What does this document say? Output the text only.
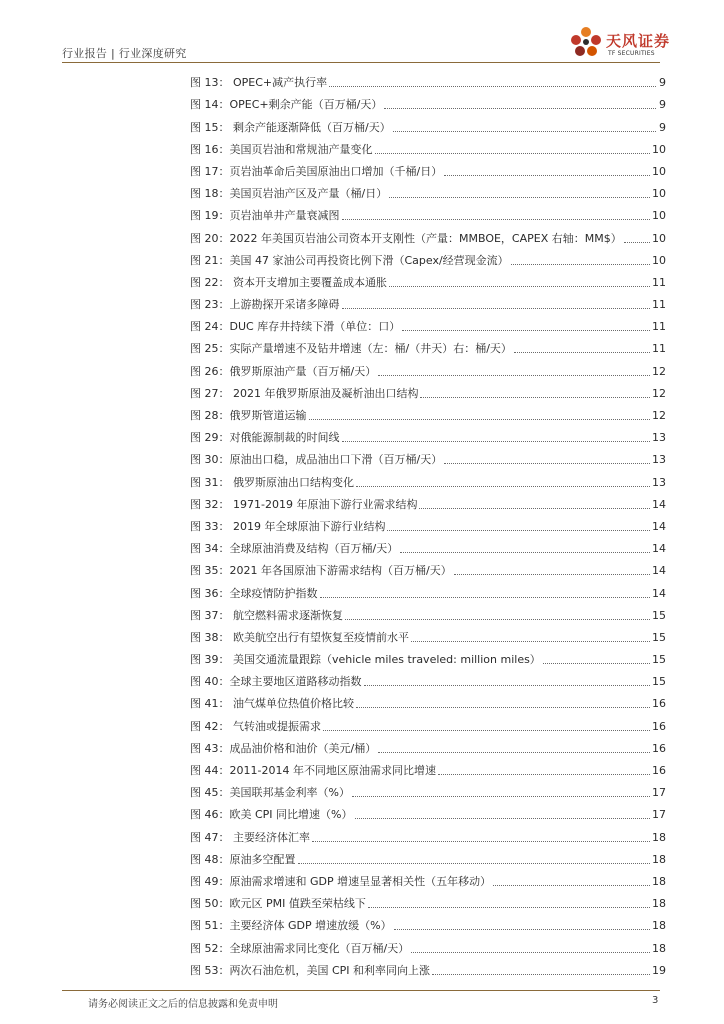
行业报告 | 行业深度研究
天风证券
TF SECURITIES
图 13： OPEC+减产执行率	9
图 14：OPEC+剩余产能（百万桶/天）	9
图 15： 剩余产能逐渐降低（百万桶/天）	9
图 16：美国页岩油和常规油产量变化	10
图 17：页岩油革命后美国原油出口增加（千桶/日）	10
图 18：美国页岩油产区及产量（桶/日）	10
图 19：页岩油单井产量衰减图	10
图 20：2022 年美国页岩油公司资本开支刚性（产量：MMBOE，CAPEX 右轴：MM$）	10
图 21：美国 47 家油公司再投资比例下滑（Capex/经营现金流）	10
图 22： 资本开支增加主要覆盖成本通胀	11
图 23：上游勘探开采诸多障碍	11
图 24：DUC 库存井持续下滑（单位：口）	11
图 25：实际产量增速不及钻井增速（左：桶/（井天）右：桶/天）	11
图 26：俄罗斯原油产量（百万桶/天）	12
图 27： 2021 年俄罗斯原油及凝析油出口结构	12
图 28：俄罗斯管道运输	12
图 29：对俄能源制裁的时间线	13
图 30：原油出口稳，成品油出口下滑（百万桶/天）	13
图 31： 俄罗斯原油出口结构变化	13
图 32： 1971-2019 年原油下游行业需求结构	14
图 33： 2019 年全球原油下游行业结构	14
图 34：全球原油消费及结构（百万桶/天）	14
图 35：2021 年各国原油下游需求结构（百万桶/天）	14
图 36：全球疫情防护指数	14
图 37： 航空燃料需求逐渐恢复	15
图 38： 欧美航空出行有望恢复至疫情前水平	15
图 39： 美国交通流量跟踪（vehicle miles traveled: million miles）	15
图 40：全球主要地区道路移动指数	15
图 41： 油气煤单位热值价格比较	16
图 42： 气转油或提振需求	16
图 43：成品油价格和油价（美元/桶）	16
图 44：2011-2014 年不同地区原油需求同比增速	16
图 45：美国联邦基金利率（%）	17
图 46：欧美 CPI 同比增速（%）	17
图 47： 主要经济体汇率	18
图 48：原油多空配置	18
图 49：原油需求增速和 GDP 增速呈显著相关性（五年移动）	18
图 50：欧元区 PMI 值跌至荣枯线下	18
图 51：主要经济体 GDP 增速放缓（%）	18
图 52：全球原油需求同比变化（百万桶/天）	18
图 53：两次石油危机，美国 CPI 和利率同向上涨	19
请务必阅读正文之后的信息披露和免责申明	3
